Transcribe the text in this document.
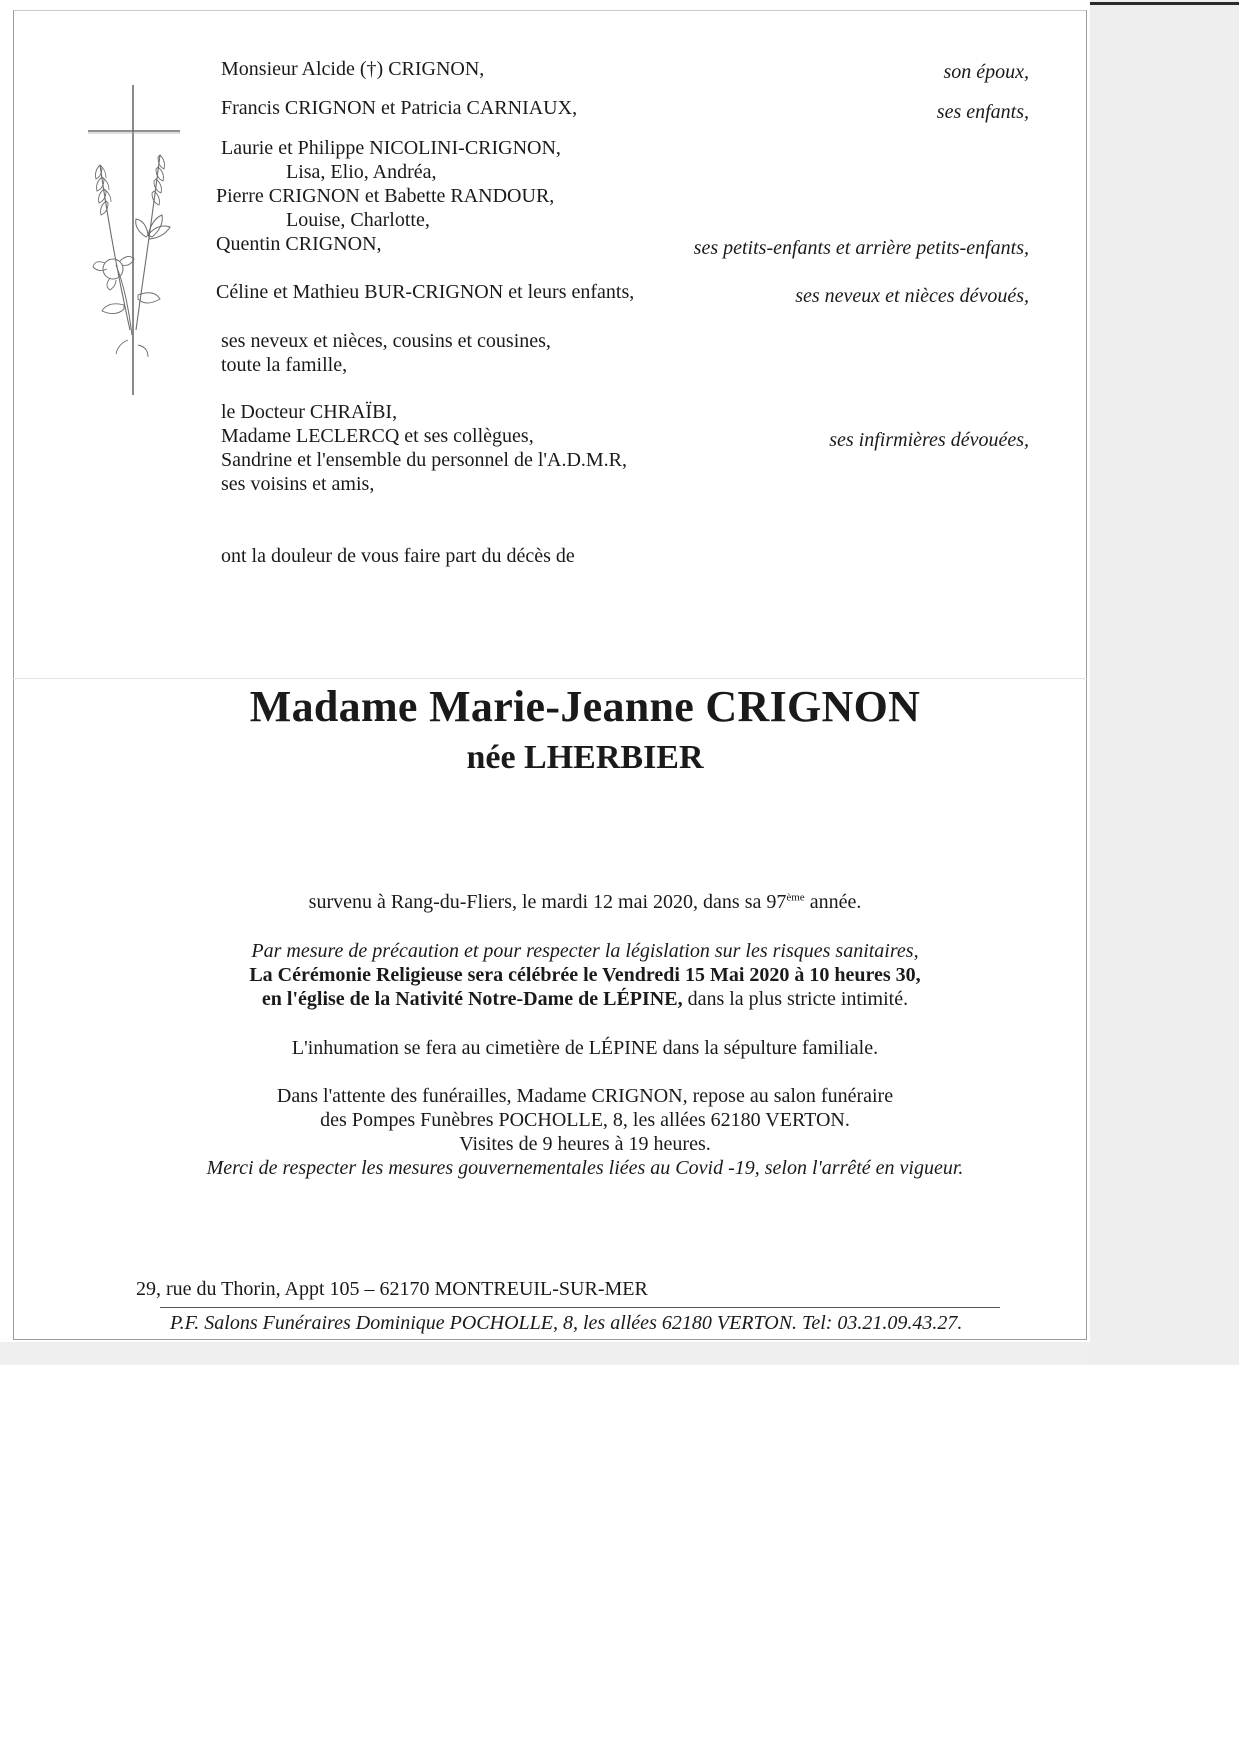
Monsieur Alcide (†) CRIGNON,	son époux,
Francis CRIGNON et Patricia CARNIAUX,	ses enfants,
Laurie et Philippe NICOLINI-CRIGNON,
Lisa, Elio, Andréa,
Pierre CRIGNON et Babette RANDOUR,
Louise, Charlotte,
Quentin CRIGNON,	ses petits-enfants et arrière petits-enfants,
Céline et Mathieu BUR-CRIGNON et leurs enfants,	ses neveux et nièces dévoués,
ses neveux et nièces, cousins et cousines,
toute la famille,
le Docteur CHRAÏBI,
Madame LECLERCQ et ses collègues,
Sandrine et l'ensemble du personnel de l'A.D.M.R,
ses voisins et amis,
ses infirmières dévouées,
ont la douleur de vous faire part du décès de
Madame Marie-Jeanne CRIGNON
née LHERBIER
survenu à Rang-du-Fliers, le mardi 12 mai 2020, dans sa 97ème année.
Par mesure de précaution et pour respecter la législation sur les risques sanitaires,
La Cérémonie Religieuse sera célébrée le Vendredi 15 Mai 2020 à 10 heures 30,
en l'église de la Nativité Notre-Dame de LÉPINE, dans la plus stricte intimité.
L'inhumation se fera au cimetière de LÉPINE dans la sépulture familiale.
Dans l'attente des funérailles, Madame CRIGNON, repose au salon funéraire
des Pompes Funèbres POCHOLLE, 8, les allées 62180 VERTON.
Visites de 9 heures à 19 heures.
Merci de respecter les mesures gouvernementales liées au Covid -19, selon l'arrêté en vigueur.
29, rue du Thorin, Appt 105 – 62170 MONTREUIL-SUR-MER
P.F. Salons Funéraires Dominique POCHOLLE, 8, les allées 62180 VERTON. Tel: 03.21.09.43.27.
